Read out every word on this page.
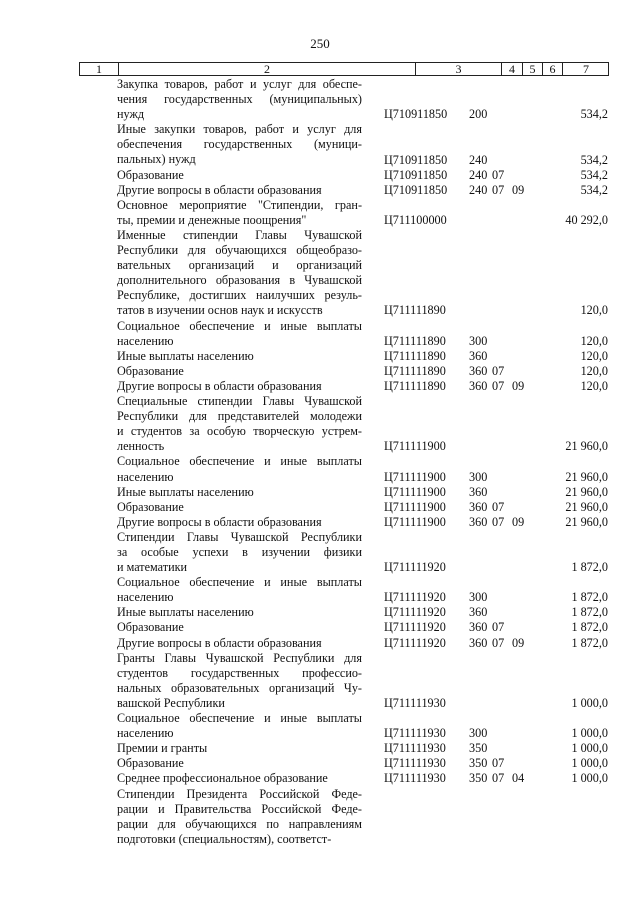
250
1	2	3	4	5	6	7
Закупка товаров, работ и услуг для обеспе-
чения государственных (муниципальных)
нужд	Ц710911850 200	534,2
Иные закупки товаров, работ и услуг для
обеспечения государственных (муници-
пальных) нужд	Ц710911850 240	534,2
Образование	Ц710911850 240 07	534,2
Другие вопросы в области образования	Ц710911850 240 07 09	534,2
Основное мероприятие "Стипендии, гран-
ты, премии и денежные поощрения"	Ц711100000	40 292,0
Именные стипендии Главы Чувашской
Республики для обучающихся общеобразо-
вательных организаций и организаций
дополнительного образования в Чувашской
Республике, достигших наилучших резуль-
татов в изучении основ наук и искусств	Ц711111890	120,0
Социальное обеспечение и иные выплаты
населению	Ц711111890 300	120,0
Иные выплаты населению	Ц711111890 360	120,0
Образование	Ц711111890 360 07	120,0
Другие вопросы в области образования	Ц711111890 360 07 09	120,0
Специальные стипендии Главы Чувашской
Республики для представителей молодежи
и студентов за особую творческую устрем-
ленность	Ц711111900	21 960,0
Социальное обеспечение и иные выплаты
населению	Ц711111900 300	21 960,0
Иные выплаты населению	Ц711111900 360	21 960,0
Образование	Ц711111900 360 07	21 960,0
Другие вопросы в области образования	Ц711111900 360 07 09	21 960,0
Стипендии Главы Чувашской Республики
за особые успехи в изучении физики
и математики	Ц711111920	1 872,0
Социальное обеспечение и иные выплаты
населению	Ц711111920 300	1 872,0
Иные выплаты населению	Ц711111920 360	1 872,0
Образование	Ц711111920 360 07	1 872,0
Другие вопросы в области образования	Ц711111920 360 07 09	1 872,0
Гранты Главы Чувашской Республики для
студентов государственных профессио-
нальных образовательных организаций Чу-
вашской Республики	Ц711111930	1 000,0
Социальное обеспечение и иные выплаты
населению	Ц711111930 300	1 000,0
Премии и гранты	Ц711111930 350	1 000,0
Образование	Ц711111930 350 07	1 000,0
Среднее профессиональное образование	Ц711111930 350 07 04	1 000,0
Стипендии Президента Российской Феде-
рации и Правительства Российской Феде-
рации для обучающихся по направлениям
подготовки (специальностям), соответст-
